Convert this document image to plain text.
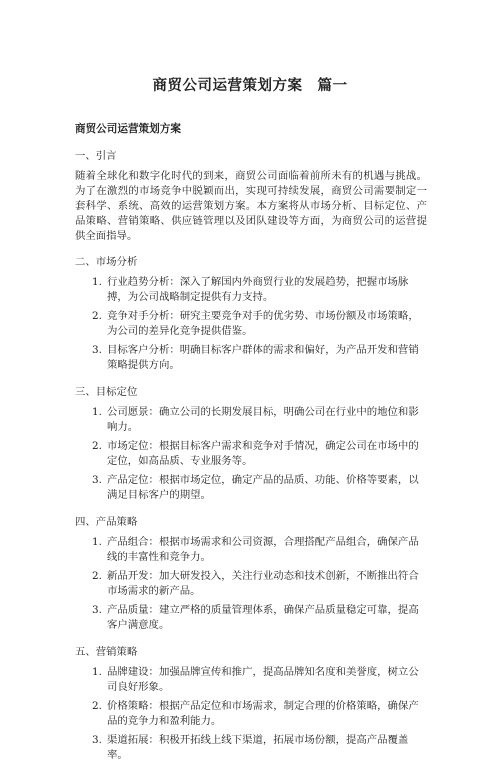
商贸公司运营策划方案　篇一
商贸公司运营策划方案
一、引言

随着全球化和数字化时代的到来，商贸公司面临着前所未有的机遇与挑战。为了在激烈的市场竞争中脱颖而出，实现可持续发展，商贸公司需要制定一套科学、系统、高效的运营策划方案。本方案将从市场分析、目标定位、产品策略、营销策略、供应链管理以及团队建设等方面，为商贸公司的运营提供全面指导。

二、市场分析
1. 行业趋势分析：深入了解国内外商贸行业的发展趋势，把握市场脉搏，为公司战略制定提供有力支持。
2. 竞争对手分析：研究主要竞争对手的优劣势、市场份额及市场策略，为公司的差异化竞争提供借鉴。
3. 目标客户分析：明确目标客户群体的需求和偏好，为产品开发和营销策略提供方向。
三、目标定位
1. 公司愿景：确立公司的长期发展目标，明确公司在行业中的地位和影响力。
2. 市场定位：根据目标客户需求和竞争对手情况，确定公司在市场中的定位，如高品质、专业服务等。
3. 产品定位：根据市场定位，确定产品的品质、功能、价格等要素，以满足目标客户的期望。
四、产品策略
1. 产品组合：根据市场需求和公司资源，合理搭配产品组合，确保产品线的丰富性和竞争力。
2. 新品开发：加大研发投入，关注行业动态和技术创新，不断推出符合市场需求的新产品。
3. 产品质量：建立严格的质量管理体系，确保产品质量稳定可靠，提高客户满意度。
五、营销策略
1. 品牌建设：加强品牌宣传和推广，提高品牌知名度和美誉度，树立公司良好形象。
2. 价格策略：根据产品定位和市场需求，制定合理的价格策略，确保产品的竞争力和盈利能力。
3. 渠道拓展：积极开拓线上线下渠道，拓展市场份额，提高产品覆盖率。
